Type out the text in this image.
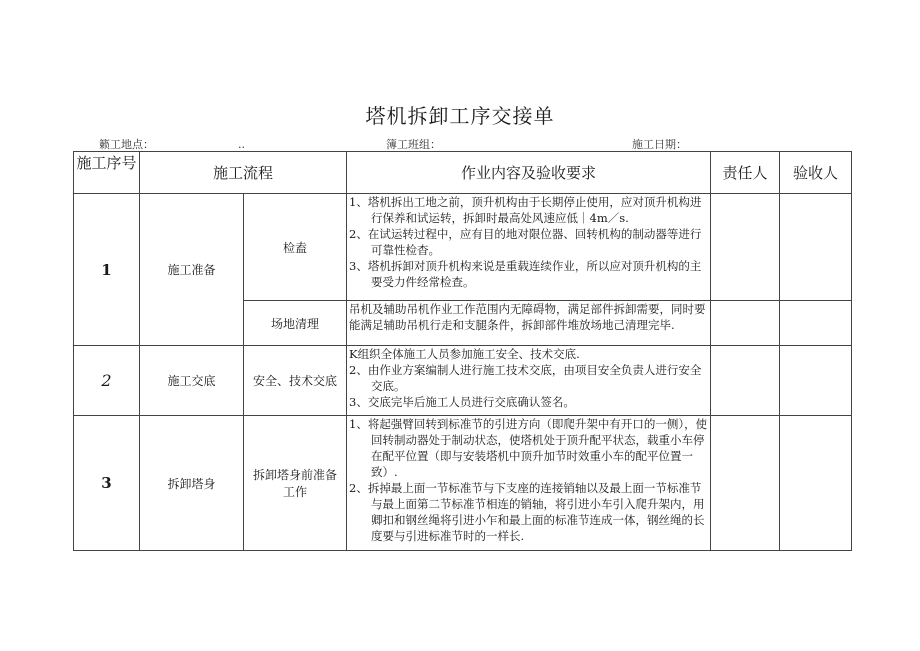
塔机拆卸工序交接单
籁工地点：	..	簿工班组：	施工日期：
施工序号	施工流程		作业内容及验收要求	责任人	验收人
1	施工准备	检盍	1、塔机拆出工地之前，顶升机构由于长期停止使用，应对顶升机构进行保养和试运转，拆卸时最高处风速应低｜4m／s.
2、在试运转过程中，应有目的地对限位器、回转机构的制动器等进行可靠性检杳。
3、塔机拆卸对顶升机构来说是重载连续作业，所以应对顶升机构的主要受力件经常检查。		

		场地清理	吊机及辅助吊机作业工作范围内无障碍物，满足部件拆卸需要，同时要能满足辅助吊机行走和支腿条件，拆卸部件堆放场地己清理完毕.		

2	施工交底	安全、技术交底	K组织全体施工人员参加施工安全、技术交底.
2、由作业方案编制人进行施工技术交底，由项目安全负责人进行安全交底。
3、交底完毕后施工人员进行交底确认签名。		

3	拆卸塔身	拆卸塔身前准备工作	1、将起强臂回转到标准节的引进方向（即爬升架中有开口的一侧），使回转制动器处于制动状态，使塔机处于顶升配平状态，载重小车停在配平位置（即与安装塔机中顶升加节时效重小车的配平位置一致）.
2、拆掉最上面一节标准节与下支座的连接销轴以及最上面一节标准节与最上面第二节标准节相连的销轴，将引进小车引入爬升架内，用卿扣和钢丝绳将引进小乍和最上面的标准节连成一体，钢丝绳的长度要与引进标准节时的一样长.		
